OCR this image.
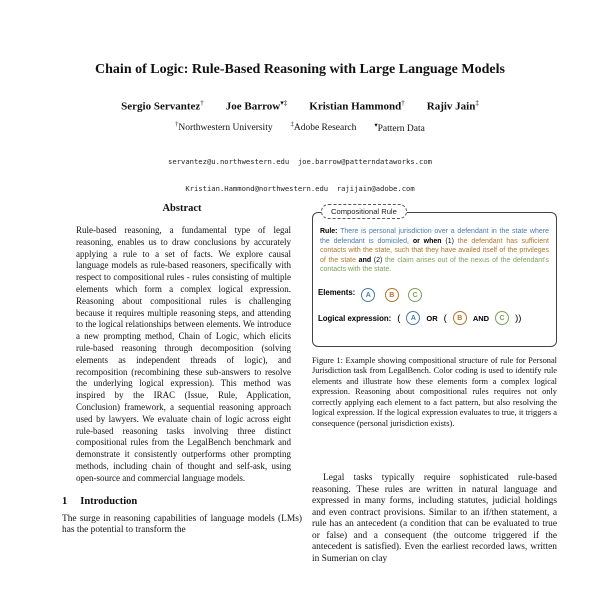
Chain of Logic: Rule-Based Reasoning with Large Language Models
Sergio Servantez† Joe Barrow▾‡ Kristian Hammond† Rajiv Jain‡
†Northwestern University	‡Adobe Research	▾Pattern Data

servantez@u.northwestern.edu  joe.barrow@patterndataworks.com

Kristian.Hammond@northwestern.edu  rajijain@adobe.com

Abstract

Rule-based reasoning, a fundamental type of legal reasoning, enables us to draw conclusions by accurately applying a rule to a set of facts. We explore causal language models as rule-based reasoners, specifically with respect to compositional rules - rules consisting of multiple elements which form a complex logical expression. Reasoning about compositional rules is challenging because it requires multiple reasoning steps, and attending to the logical relationships between elements. We introduce a new prompting method, Chain of Logic, which elicits rule-based reasoning through decomposition (solving elements as independent threads of logic), and recomposition (recombining these sub-answers to resolve the underlying logical expression). This method was inspired by the IRAC (Issue, Rule, Application, Conclusion) framework, a sequential reasoning approach used by lawyers. We evaluate chain of logic across eight rule-based reasoning tasks involving three distinct compositional rules from the LegalBench benchmark and demonstrate it consistently outperforms other prompting methods, including chain of thought and self-ask, using open-source and commercial language models.

1 Introduction

The surge in reasoning capabilities of language models (LMs) has the potential to transform the

Compositional Rule

Rule: There is personal jurisdiction over a defendant in the state where the defendant is domiciled, or when (1) the defendant has sufficient contacts with the state, such that they have availed itself of the privileges of the state and (2) the claim arises out of the nexus of the defendant's contacts with the state.

Elements:	A	B	C
Logical expression: (	A	OR (	B	AND	C	))

Figure 1: Example showing compositional structure of rule for Personal Jurisdiction task from LegalBench. Color coding is used to identify rule elements and illustrate how these elements form a complex logical expression. Reasoning about compositional rules requires not only correctly applying each element to a fact pattern, but also resolving the logical expression. If the logical expression evaluates to true, it triggers a consequence (personal jurisdiction exists).

Legal tasks typically require sophisticated rule-based reasoning. These rules are written in natural language and expressed in many forms, including statutes, judicial holdings and even contract provisions. Similar to an if/then statement, a rule has an antecedent (a condition that can be evaluated to true or false) and a consequent (the outcome triggered if the antecedent is satisfied). Even the earliest recorded laws, written in Sumerian on clay
